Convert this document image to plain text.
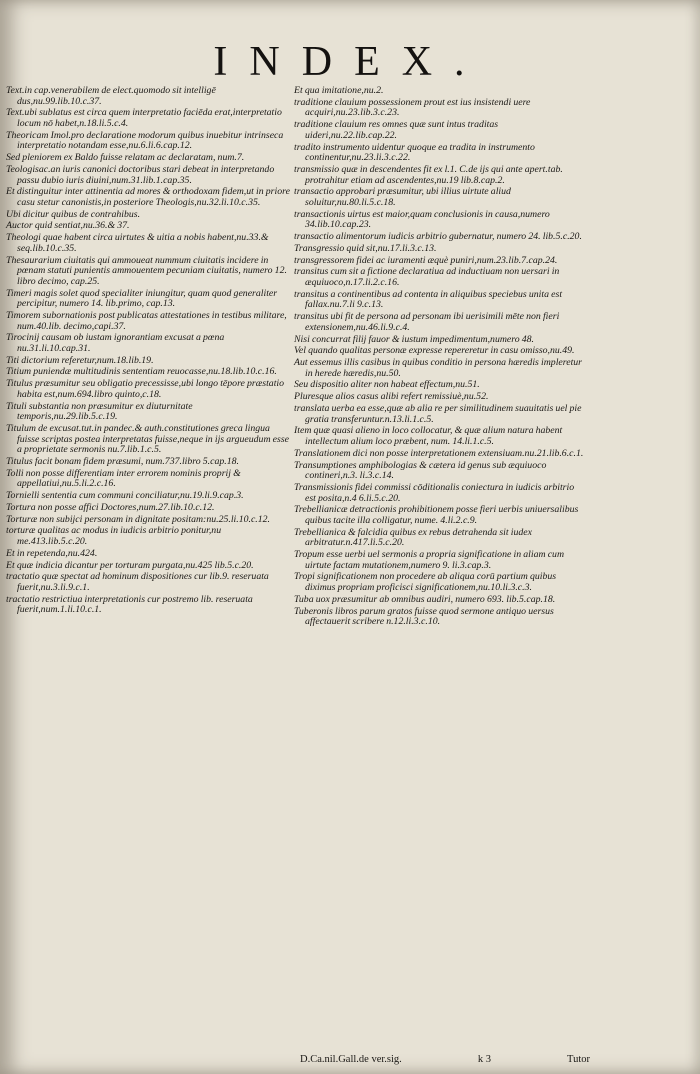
INDEX.
Text.in cap.venerabilem de elect.quomodo sit intelligē dus,nu.99.lib.10.c.37.
Text.ubi sublatus est circa quem interpretatio faciēda erat,interpretatio locum nō habet,n.18.li.5.c.4.
Theoricam Imol.pro declaratione modorum quibus inuebitur intrinseca interpretatio notandam esse,nu.6.li.6.cap.12.
Sed pleniorem ex Baldo fuisse relatam ac declaratam, num.7.
Teologisac.an iuris canonici doctoribus stari debeat in interpretando passu dubio iuris diuini,num.31.lib.1.cap.35.
Et distinguitur inter attinentia ad mores & orthodoxam fidem,ut in priore casu stetur canonistis,in posteriore Theologis,nu.32.li.10.c.35.
Ubi dicitur quibus de contrahibus.
Auctor quid sentiat,nu.36.& 37.
Theologi quae habent circa uirtutes & uitia a nobis habent,nu.33.& seq.lib.10.c.35.
Thesaurarium ciuitatis qui ammoueat nummum ciuitatis incidere in pœnam statuti punientis ammouentem pecuniam ciuitatis, numero 12. libro decimo, cap.25.
Timeri magis solet quod specialiter iniungitur, quam quod generaliter percipitur, numero 14. lib.primo, cap.13.
Timorem subornationis post publicatas attestationes in testibus militare, num.40.lib. decimo,capi.37.
Tirocinij causam ob iustam ignorantiam excusat a pœna nu.31.li.10.cap.31.
Titi dictorium referetur,num.18.lib.19.
Titium puniendæ multitudinis sententiam reuocasse,nu.18.lib.10.c.16.
Titulus præsumitur seu obligatio precessisse,ubi longo tēpore præstatio habita est,num.694.libro quinto,c.18.
Tituli substantia non præsumitur ex diuturnitate temporis,nu.29.lib.5.c.19.
Titulum de excusat.tut.in pandec.& auth.constitutiones greca lingua fuisse scriptas postea interpretatas fuisse,neque in ijs argueudum esse a proprietate sermonis nu.7.lib.1.c.5.
Titulus facit bonam fidem præsumi, num.737.libro 5.cap.18.
Tolli non posse differentiam inter errorem nominis proprij & appellatiui,nu.5.li.2.c.16.
Tornielli sententia cum communi conciliatur,nu.19.li.9.cap.3.
Tortura non posse affici Doctores,num.27.lib.10.c.12.
Torturæ non subijci personam in dignitate positam:nu.25.li.10.c.12.
torturæ qualitas ac modus in iudicis arbitrio ponitur,nu me.413.lib.5.c.20.
Et in repetenda,nu.424.
Et quæ indicia dicantur per torturam purgata,nu.425 lib.5.c.20.
tractatio quæ spectat ad hominum dispositiones cur lib.9. reseruata fuerit,nu.3.li.9.c.1.
tractatio restrictiua interpretationis cur postremo lib. reseruata fuerit,num.1.li.10.c.1.
Et qua imitatione,nu.2.
traditione clauium possessionem prout est ius insistendi uere acquiri,nu.23.lib.3.c.23.
traditione clauium res omnes quæ sunt intus traditas uideri,nu.22.lib.cap.22.
tradito instrumento uidentur quoque ea tradita in instrumento continentur,nu.23.li.3.c.22.
transmissio quæ in descendentes fit ex l.1. C.de ijs qui ante apert.tab. protrahitur etiam ad ascendentes,nu.19 lib.8.cap.2.
transactio approbari præsumitur, ubi illius uirtute aliud soluitur,nu.80.li.5.c.18.
transactionis uirtus est maior,quam conclusionis in causa,numero 34.lib.10.cap.23.
transactio alimentorum iudicis arbitrio gubernatur, numero 24. lib.5.c.20.
Transgressio quid sit,nu.17.li.3.c.13.
transgressorem fidei ac iuramenti æquè puniri,num.23.lib.7.cap.24.
transitus cum sit a fictione declaratiua ad inductiuam non uersari in æquiuoco,n.17.li.2.c.16.
transitus a continentibus ad contenta in aliquibus speciebus unita est fallax.nu.7.li 9.c.13.
transitus ubi fit de persona ad personam ibi uerisimili mēte non fieri extensionem,nu.46.li.9.c.4.
Nisi concurrat filij fauor & iustum impedimentum,numero 48.
Vel quando qualitas personæ expresse repereretur in casu omisso,nu.49.
Aut essemus illis casibus in quibus conditio in persona hæredis impleretur in herede hæredis,nu.50.
Seu dispositio aliter non habeat effectum,nu.51.
Pluresque alios casus alibi refert remissiuè,nu.52.
translata uerba ea esse,quæ ab alia re per similitudinem suauitatis uel pie gratia transferuntur.n.13.li.1.c.5.
Item quæ quasi alieno in loco collocatur, & quæ alium natura habent intellectum alium loco præbent, num. 14.li.1.c.5.
Translationem dici non posse interpretationem extensiuam.nu.21.lib.6.c.1.
Transumptiones amphibologias & cætera id genus sub æquiuoco contineri,n.3. li.3.c.14.
Transmissionis fidei commissi cōditionalis coniectura in iudicis arbitrio est posita,n.4 6.li.5.c.20.
Trebellianicæ detractionis prohibitionem posse fieri uerbis uniuersalibus quibus tacite illa colligatur, nume. 4.li.2.c.9.
Trebellianica & falcidia quibus ex rebus detrahenda sit iudex arbitratur.n.417.li.5.c.20.
Tropum esse uerbi uel sermonis a propria significatione in aliam cum uirtute factam mutationem,numero 9. li.3.cap.3.
Tropi significationem non procedere ab aliqua corū partium quibus diximus propriam proficisci significationem,nu.10.li.3.c.3.
Tuba uox præsumitur ab omnibus audiri, numero 693. lib.5.cap.18.
Tuberonis libros parum gratos fuisse quod sermone antiquo uersus affectauerit scribere n.12.li.3.c.10.
D.Ca.nil.Gall.de ver.sig.	k 3	Tutor
